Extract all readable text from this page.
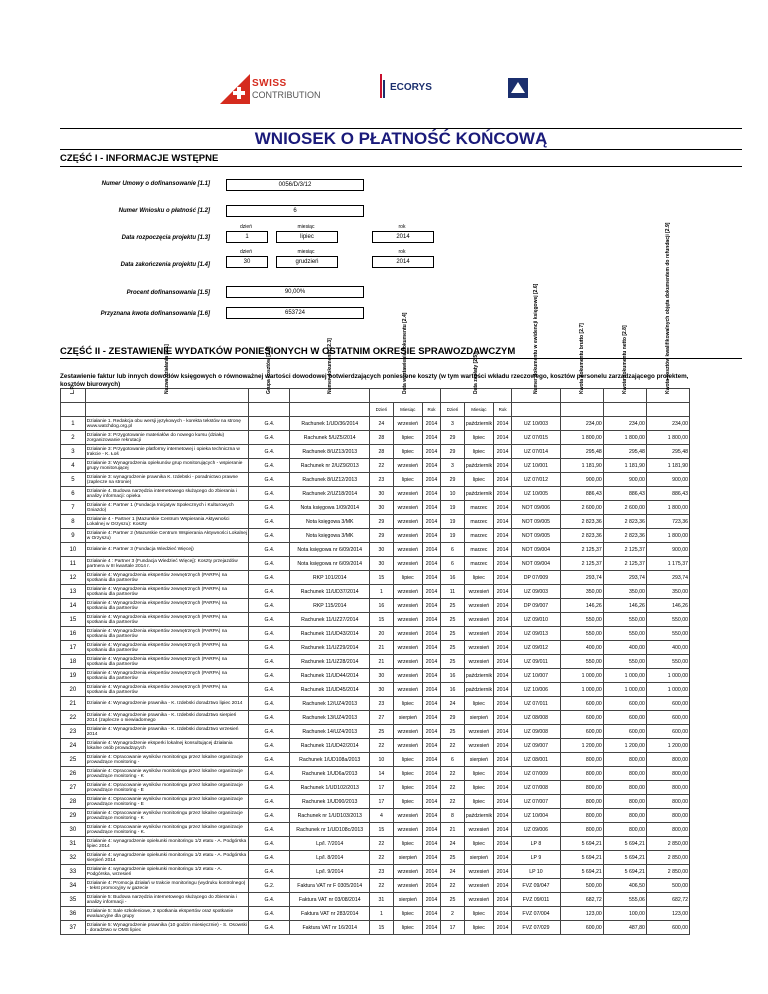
SWISS
CONTRIBUTION
ECORYS
WNIOSEK O PŁATNOŚĆ KOŃCOWĄ
CZĘŚĆ I - INFORMACJE WSTĘPNE
Numer Umowy o dofinansowanie [1.1]	0056/D/3/12
Numer Wniosku o płatność [1.2]	6
dzień	miesiąc	rok
Data rozpoczęcia projektu [1.3]	1	lipiec	2014
dzień	miesiąc	rok
Data zakończenia projektu [1.4]	30	grudzień	2014
Procent dofinansowania [1.5]	90,00%
Przyznana kwota dofinansowania [1.6]	653724
CZĘŚĆ II - ZESTAWIENIE WYDATKÓW PONIESIONYCH W OSTATNIM OKRESIE SPRAWOZDAWCZYM
Zestawienie faktur lub innych dowodów księgowych o równoważnej wartości dowodowej potwierdzających poniesione koszty (w tym wartości wkładu rzeczowego, kosztów personelu zarządzającego projektem, kosztów biurowych)
L.P.	Nazwa działania [2.1]	Grupa kosztów [2.2]	Numer dokumentu [2.3]	Data wystawienia dokumentu [2.4]			Data zapłaty [2.5]			Numer dokumentu w ewidencji księgowej [2.6]	Kwota dokumentu brutto [2.7]	Kwota dokumentu netto [2.8]	Kwota kosztów kwalifikowalnych objęta dokumentem do refundacji [2.9]

				Dzień	Miesiąc	Rok	Dzień	Miesiąc	Rok				
1	Działanie 1. Redakcja obu wersji językowych - korekta tekstów na stronę www.watchdog.org.pl	G.4.	Rachunek 1/UD/36/2014	24	wrzesień	2014	3	październik	2014	UZ 10/003	234,00	234,00	234,00
2	Działanie 3: Przygotowanie materiałów do nowego kursu (działu) zorganizowanie rekrutacji	G.4.	Rachunek 5/UZ5/2014	28	lipiec	2014	29	lipiec	2014	UZ 07/015	1 800,00	1 800,00	1 800,00
3	Działanie 3: Przygotowanie platformy internetowej i opieka techniczna w trakcie - K. Łoś	G.4.	Rachunek 8/UZ13/2013	28	lipiec	2014	29	lipiec	2014	UZ 07/014	295,48	295,48	295,48
4	Działanie 3: Wynagrodzenia opiekunów grup monitorujących - wspieranie grupy monitorującej	G.4.	Rachunek nr 2/UZ9/2013	22	wrzesień	2014	3	październik	2014	UZ 10/001	1 181,90	1 181,90	1 181,90
5	Działanie 3: wynagrodzenie prawnika K. Izdebski - poradnictwo prawne (zaplecze na stronie)	G.4.	Rachunek 8/UZ12/2013	23	lipiec	2014	29	lipiec	2014	UZ 07/012	900,00	900,00	900,00
6	Działanie 4. Budowa narzędzia internetowego służącego do zbierania i analizy informacji: opieka	G.4.	Rachunek 2/UZ18/2014	30	wrzesień	2014	10	październik	2014	UZ 10/005	886,43	886,43	886,43
7	Działanie 4: Partner 1 (Fundacja Inicjatyw Społecznych i Kulturowych Gniazdo)	G.4.	Nota księgowa 1/09/2014	30	wrzesień	2014	19	marzec	2014	NOT 09/006	2 600,00	2 600,00	1 800,00
8	Działanie 4 - Partner 1 (Mazurskie Centrum Wspierania Aktywności Lokalnej w Orzyszu): Koszty	G.4.	Nota księgowa 3/MK	29	wrzesień	2014	19	marzec	2014	NOT 09/005	2 823,36	2 823,36	723,36
9	Działanie 4: Partner 2 (Mazurskie Centrum Wspierania Aktywności Lokalnej w Orzyszu)	G.4.	Nota księgowa 3/MK	29	wrzesień	2014	19	marzec	2014	NOT 09/005	2 823,36	2 823,36	1 800,00
10	Działanie 4: Partner 3 (Fundacja Wiedzieć Więcej)	G.4.	Nota księgowa nr 6/09/2014	30	wrzesień	2014	6	marzec	2014	NOT 09/004	2 125,37	2 125,37	900,00
11	Działanie 4 : Partner 3 (Fundacja Wiedzieć Więcej): Koszty przejazdów partnera w III kwartale 2014 r.	G.4.	Nota księgowa nr 6/09/2014	30	wrzesień	2014	6	marzec	2014	NOT 09/004	2 125,37	2 125,37	1 175,37
12	Działanie 4: Wynagrodzenia ekspertów zewnętrznych (PARPA) na spotkaniu dla partnerów	G.4.	RKP 101/2014	15	lipiec	2014	16	lipiec	2014	DP 07/009	293,74	293,74	293,74
13	Działanie 4: Wynagrodzenia ekspertów zewnętrznych (PARPA) na spotkaniu dla partnerów	G.4.	Rachunek 11/UD37/2014	1	wrzesień	2014	11	wrzesień	2014	UZ 09/003	350,00	350,00	350,00
14	Działanie 4: Wynagrodzenia ekspertów zewnętrznych (PARPA) na spotkaniu dla partnerów	G.4.	RKP 115/2014	16	wrzesień	2014	25	wrzesień	2014	DP 09/007	146,26	146,26	146,26
15	Działanie 4: Wynagrodzenia ekspertów zewnętrznych (PARPA) na spotkaniu dla partnerów	G.4.	Rachunek 11/UZ27/2014	15	wrzesień	2014	25	wrzesień	2014	UZ 09/010	550,00	550,00	550,00
16	Działanie 4: Wynagrodzenia ekspertów zewnętrznych (PARPA) na spotkaniu dla partnerów	G.4.	Rachunek 11/UD43/2014	20	wrzesień	2014	25	wrzesień	2014	UZ 09/013	550,00	550,00	550,00
17	Działanie 4: Wynagrodzenia ekspertów zewnętrznych (PARPA) na spotkaniu dla partnerów	G.4.	Rachunek 11/UZ29/2014	21	wrzesień	2014	25	wrzesień	2014	UZ 09/012	400,00	400,00	400,00
18	Działanie 4: Wynagrodzenia ekspertów zewnętrznych (PARPA) na spotkaniu dla partnerów	G.4.	Rachunek 11/UZ28/2014	21	wrzesień	2014	25	wrzesień	2014	UZ 09/011	550,00	550,00	550,00
19	Działanie 4: Wynagrodzenia ekspertów zewnętrznych (PARPA) na spotkaniu dla partnerów	G.4.	Rachunek 11/UD44/2014	30	wrzesień	2014	16	październik	2014	UZ 10/007	1 000,00	1 000,00	1 000,00
20	Działanie 4: Wynagrodzenia ekspertów zewnętrznych (PARPA) na spotkaniu dla partnerów	G.4.	Rachunek 11/UD45/2014	30	wrzesień	2014	16	październik	2014	UZ 10/006	1 000,00	1 000,00	1 000,00
21	Działanie 4: Wynagrodzenie prawnika - K. Izdebski doradztwo lipiec 2014	G.4.	Rachunek 12/UZ4/2013	23	lipiec	2014	24	lipiec	2014	UZ 07/011	600,00	600,00	600,00
22	Działanie 4: Wynagrodzenie prawnika - K. Izdebski doradztwo sierpień 2014 (zaplecze o niewiadomego	G.4.	Rachunek 13/UZ4/2013	27	sierpień	2014	29	sierpień	2014	UZ 08/008	600,00	600,00	600,00
23	Działanie 4: Wynagrodzenie prawnika - K. Izdebski doradztwo wrzesień 2014	G.4.	Rachunek 14/UZ4/2013	25	wrzesień	2014	25	wrzesień	2014	UZ 09/008	600,00	600,00	600,00
24	Działanie 4: Wynagrodzenie eksperki lokalnej konsultującej działania lokalne osób prowadzących	G.4.	Rachunek 11/UD42/2014	22	wrzesień	2014	22	wrzesień	2014	UZ 09/007	1 200,00	1 200,00	1 200,00
25	Działanie 4: Opracowanie wyników monitoringu przez lokalne organizacje prowadzące monitoring -	G.4.	Rachunek 1/UD108a/2013	10	lipiec	2014	6	sierpień	2014	UZ 08/001	800,00	800,00	800,00
26	Działanie 4: Opracowanie wyników monitoringu przez lokalne organizacje prowadzące monitoring - K	G.4.	Rachunek 1/UD6a/2013	14	lipiec	2014	22	lipiec	2014	UZ 07/009	800,00	800,00	800,00
27	Działanie 4: Opracowanie wyników monitoringu przez lokalne organizacje prowadzące monitoring - E	G.4.	Rachunek 1/UD102/2013	17	lipiec	2014	22	lipiec	2014	UZ 07/008	800,00	800,00	800,00
28	Działanie 4: Opracowanie wyników monitoringu przez lokalne organizacje prowadzące monitoring - E	G.4.	Rachunek 1/UD90/2013	17	lipiec	2014	22	lipiec	2014	UZ 07/007	800,00	800,00	800,00
29	Działanie 4: Opracowanie wyników monitoringu przez lokalne organizacje prowadzące monitoring - K	G.4.	Rachunek nr 1/UD103/2013	4	wrzesień	2014	8	październik	2014	UZ 10/004	800,00	800,00	800,00
30	Działanie 4: Opracowanie wyników monitoringu przez lokalne organizacje prowadzące monitoring - K.	G.4.	Rachunek nr 1/UD108c/2013	15	wrzesień	2014	21	wrzesień	2014	UZ 09/006	800,00	800,00	800,00
31	Działanie 4: wynagrodzenie opiekunki monitoringu 1/2 etatu - A. Podgórska lipiec 2014	G.4.	Lp/l. 7/2014	22	lipiec	2014	24	lipiec	2014	LP 8	5 694,21	5 694,21	2 850,00
32	Działanie 4: wynagrodzenie opiekunki monitoringu 1/2 etatu - A. Podgórska sierpień 2014	G.4.	Lp/l. 8/2014	22	sierpień	2014	25	sierpień	2014	LP 9	5 694,21	5 694,21	2 850,00
33	Działanie 4: wynagrodzenie opiekunki monitoringu 1/2 etatu - A. Podgórska, wrzesień	G.4.	Lp/l. 9/2014	23	wrzesień	2014	24	wrzesień	2014	LP 10	5 694,21	5 694,21	2 850,00
34	Działanie 4: Promocja działań w trakcie monitoringu (wydruku kontrolnego) - tekst promocyjny w gazecie	G.2.	Faktura VAT nr F 0305/2014	22	wrzesień	2014	22	wrzesień	2014	FVZ 09/047	500,00	406,50	500,00
35	Działanie 5: Budowa narzędzia internetowego służącego do zbierania i analizy informacji -	G.4.	Faktura VAT nr 03/08/2014	31	sierpień	2014	25	wrzesień	2014	FVZ 09/011	682,72	555,06	682,72
36	Działanie 5: Sale szkoleniowe, 2 spotkania ekspertów oraz spotkanie ewaluacyjne dla grupy	G.4.	Faktura VAT nr 283/2014	1	lipiec	2014	2	lipiec	2014	FVZ 07/004	123,00	100,00	123,00
37	Działanie 5: Wynagrodzenie prawnika (10 godzin miesięcznie) - S. Osowski - doradztwo w OMS lipiec	G.4.	Faktura VAT nr 16/2014	15	lipiec	2014	17	lipiec	2014	FVZ 07/029	600,00	487,80	600,00
